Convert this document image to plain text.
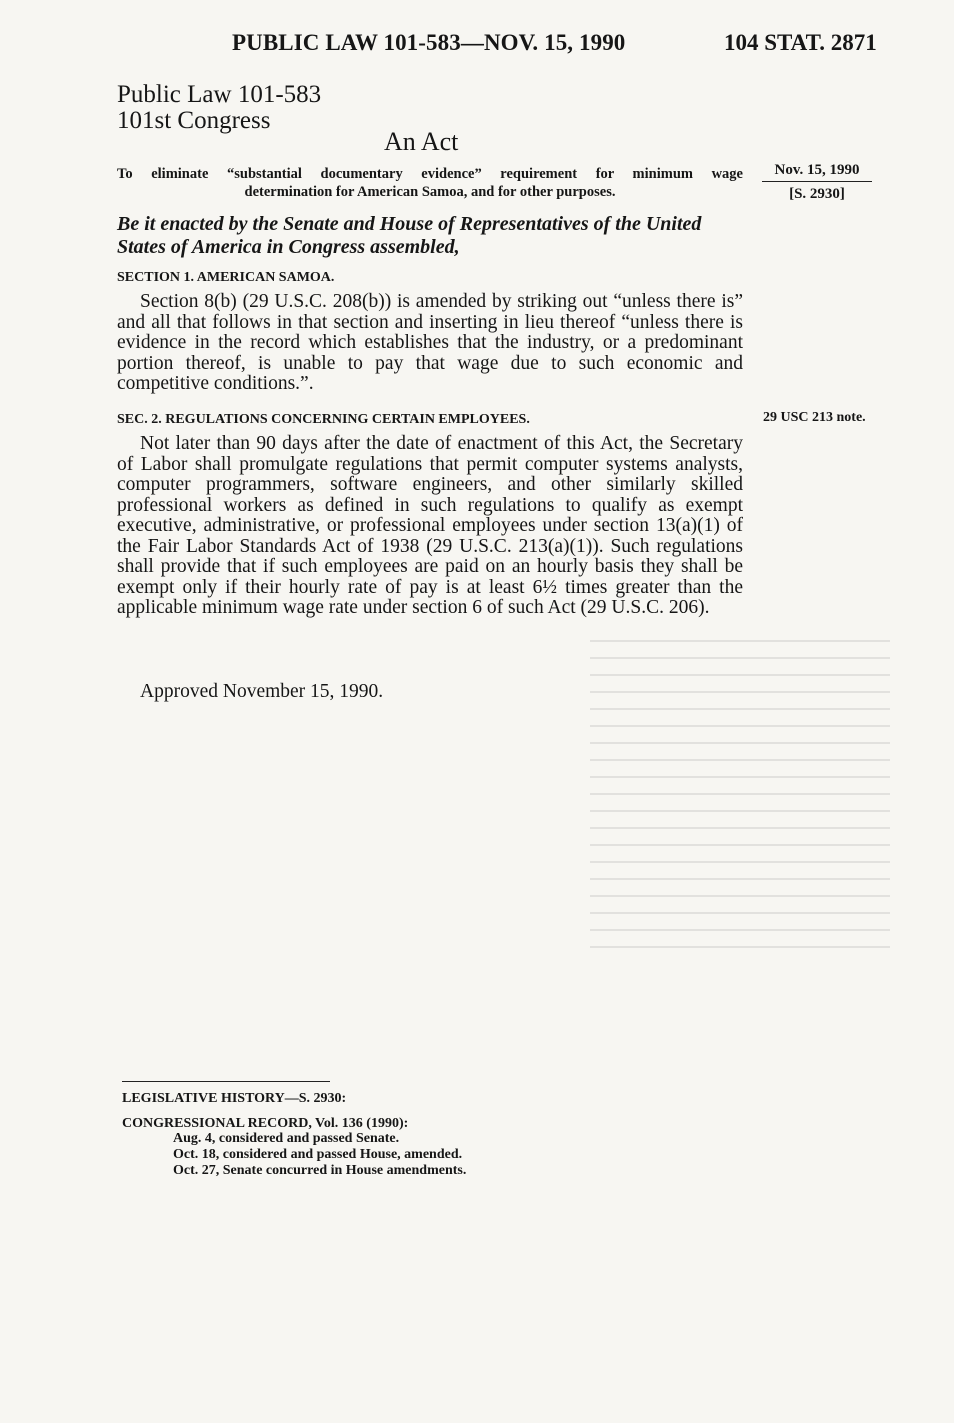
PUBLIC LAW 101-583—NOV. 15, 1990	104 STAT. 2871
Public Law 101-583
101st Congress
An Act
To eliminate “substantial documentary evidence” requirement for minimum wage
determination for American Samoa, and for other purposes.
Nov. 15, 1990
[S. 2930]
Be it enacted by the Senate and House of Representatives of the United States of America in Congress assembled,
SECTION 1. AMERICAN SAMOA.
Section 8(b) (29 U.S.C. 208(b)) is amended by striking out “unless there is” and all that follows in that section and inserting in lieu thereof “unless there is evidence in the record which establishes that the industry, or a predominant portion thereof, is unable to pay that wage due to such economic and competitive conditions.”.
SEC. 2. REGULATIONS CONCERNING CERTAIN EMPLOYEES.	29 USC 213 note.
Not later than 90 days after the date of enactment of this Act, the Secretary of Labor shall promulgate regulations that permit computer systems analysts, computer programmers, software engineers, and other similarly skilled professional workers as defined in such regulations to qualify as exempt executive, administrative, or professional employees under section 13(a)(1) of the Fair Labor Standards Act of 1938 (29 U.S.C. 213(a)(1)). Such regulations shall provide that if such employees are paid on an hourly basis they shall be exempt only if their hourly rate of pay is at least 6½ times greater than the applicable minimum wage rate under section 6 of such Act (29 U.S.C. 206).
Approved November 15, 1990.
LEGISLATIVE HISTORY—S. 2930:
CONGRESSIONAL RECORD, Vol. 136 (1990):
Aug. 4, considered and passed Senate.
Oct. 18, considered and passed House, amended.
Oct. 27, Senate concurred in House amendments.
